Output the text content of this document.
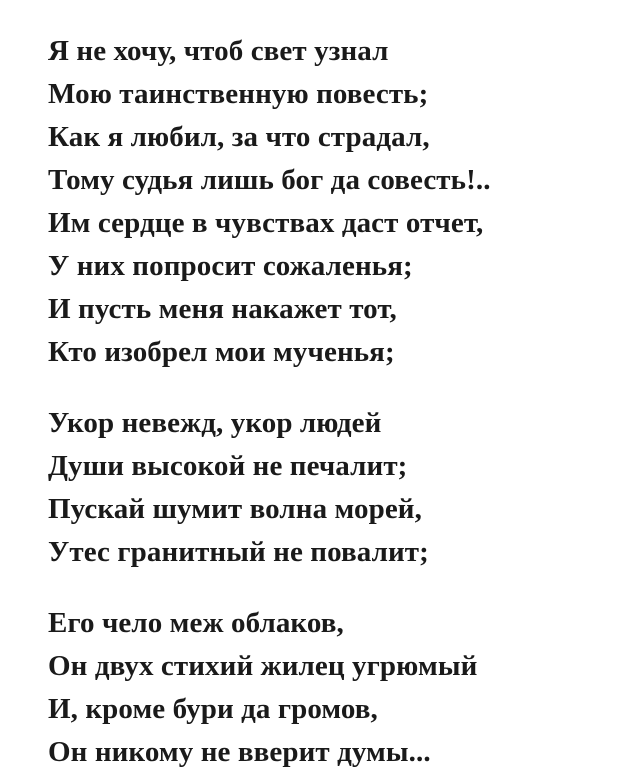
Я не хочу, чтоб свет узнал
Мою таинственную повесть;
Как я любил, за что страдал,
Тому судья лишь бог да совесть!..
Им сердце в чувствах даст отчет,
У них попросит сожаленья;
И пусть меня накажет тот,
Кто изобрел мои мученья;
Укор невежд, укор людей
Души высокой не печалит;
Пускай шумит волна морей,
Утес гранитный не повалит;
Его чело меж облаков,
Он двух стихий жилец угрюмый
И, кроме бури да громов,
Он никому не вверит думы...
